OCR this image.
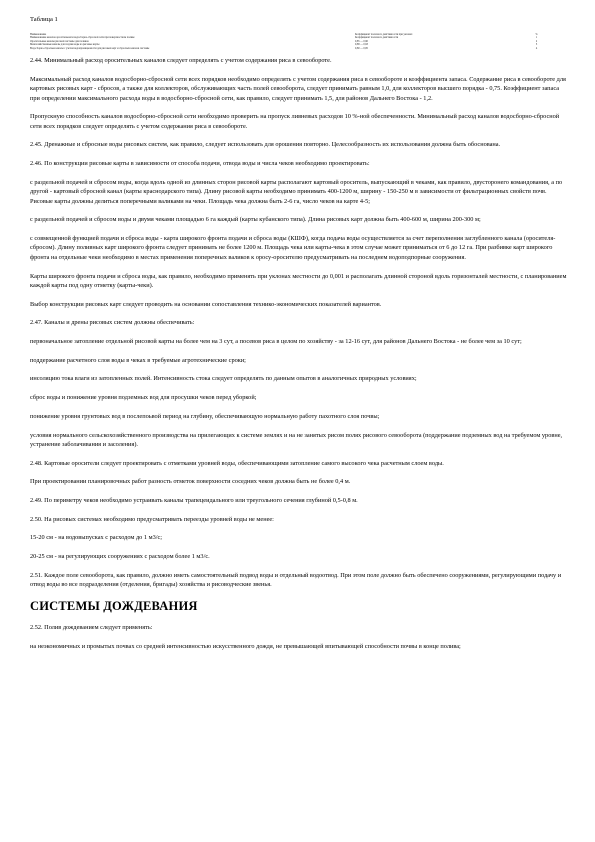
Таблица 1
Наименование	Коэффициент полезного действия сети при уклонах	%
Наименование каналов оросительной и водосборно-сбросной сети при поверхностном поливе	Коэффициент полезного действия сети	1
Оросительные каналы рисовой системы для поливов	0,85 — 0,90	2
Межхозяйственные каналы для подачи воды на рисовые карты	0,88 — 0,93	3
Водосборно-сбросные каналы с учетом водопроницаемости для рисовых карт и сбросных каналов системы	0,80 — 0,85	4

2.44. Минимальный расход оросительных каналов следует определять с учетом содержания риса в севообороте.

Максимальный расход каналов водосборно-сбросной сети всех порядков необходимо определять с учетом содержания риса в севообороте и коэффициента запаса. Содержание риса в севообороте для картовых рисовых карт - сбросов, а также для коллекторов, обслуживающих часть полей севооборота, следует принимать равным 1,0, для коллекторов высшего порядка - 0,75. Коэффициент запаса при определении максимального расхода воды в водосборно-сбросной сети, как правило, следует принимать 1,5, для районов Дальнего Востока - 1,2.

Пропускную способность каналов водосборно-сбросной сети необходимо проверить на пропуск ливневых расходов 10 %-ной обеспеченности. Минимальный расход каналов водосборно-сбросной сети всех порядков следует определять с учетом содержания риса в севообороте.

2.45. Дренажные и сбросные воды рисовых систем, как правило, следует использовать для орошения повторно. Целесообразность их использования должна быть обоснована.

2.46. По конструкции рисовые карты в зависимости от способа подачи, отвода воды и числа чеков необходимо проектировать:

с раздельной подачей и сбросом воды, когда вдоль одной из длинных сторон рисовой карты располагают картовый ороситель, выпускающий в чеками, как правило, двусторонего командования, а по другой - картовый сбросной канал (карты краснодарского типа). Длину рисовой карты необходимо принимать 400-1200 м, ширину - 150-250 м в зависимости от фильтрационных свойств почв. Рисовые карты должны делиться поперечными валиками на чеки. Площадь чека должна быть 2-6 га, число чеков на карте 4-5;

с раздельной подачей и сбросом воды и двумя чеками площадью 6 га каждый (карты кубанского типа). Длина рисовых карт должна быть 400-600 м, ширина 200-300 м;

с совмещенной функцией подачи и сброса воды - карта широкого фронта подачи и сброса воды (КШФ), когда подача воды осуществляется за счет переполнения заглубленного канала (оросителя-сбросом). Длину поливных карт широкого фронта следует принимать не более 1200 м. Площадь чека или карты-чека в этом случае может приниматься от 6 до 12 га. При разбивке карт широкого фронта на отдельные чеки необходимо в местах применения поперечных валиков к оросу-оросителю предусматривать на последнем водоподпорные сооружения.

Карты широкого фронта подачи и сброса воды, как правило, необходимо применять при уклонах местности до 0,001 и располагать длинной стороной вдоль горизонталей местности, с планированием каждой карты под одну отметку (карты-чеки).

Выбор конструкции рисовых карт следует проводить на основании сопоставления технико-экономических показателей вариантов.

2.47. Каналы и дрены рисовых систем должны обеспечивать:

первоначальное затопление отдельной рисовой карты на более чем на 3 сут, а посевов риса в целом по хозяйству - за 12-16 сут, для районов Дальнего Востока - не более чем за 10 сут;

поддержание расчетного слоя воды в чеках в требуемые агротехнические сроки;

инсоляцию тока влаги из затопленных полей. Интенсивность стока следует определять по данным опытов в аналогичных природных условиях;

сброс воды и понижение уровня подземных вод для просушки чеков перед уборкой;

понижение уровня грунтовых вод в послепоьвой период на глубину, обеспечивающую нормальную работу пахотного слоя почвы;

условия нормального сельскохозяйственного производства на прилегающих к системе землях и на не занятых рисом полях рисового севооборота (поддержание подземных вод на требуемом уровне, устранение заболачивания и засоления).

2.48. Картовые оросители следует проектировать с отметками уровней воды, обеспечивающими затопление самого высокого чека расчетным слоем воды.

При проектировании планировочных работ разность отметок поверхности соседних чеков должна быть не более 0,4 м.

2.49. По периметру чеков необходимо устраивать каналы трапецеидального или треугольного сечения глубиной 0,5-0,8 м.

2.50. На рисовых системах необходимо предусматривать переезды уровней воды не менее:

15-20 см - на водовыпусках с расходом до 1 м3/с;

20-25 см - на регулирующих сооружениях с расходом более 1 м3/с.

2.51. Каждое поле севооборота, как правило, должно иметь самостоятельный подвод воды и отдельный водоотвод. При этом поле должно быть обеспечено сооружениями, регулирующими подачу и отвод воды во все подразделения (отделения, бригады) хозяйства и рисоводческие звенья.

СИСТЕМЫ ДОЖДЕВАНИЯ

2.52. Полив дождеванием следует применять:

на неэкономичных и промытых почвах со средней интенсивностью искусственного дождя, не превышающей впитывающей способности почвы в конце полива;
